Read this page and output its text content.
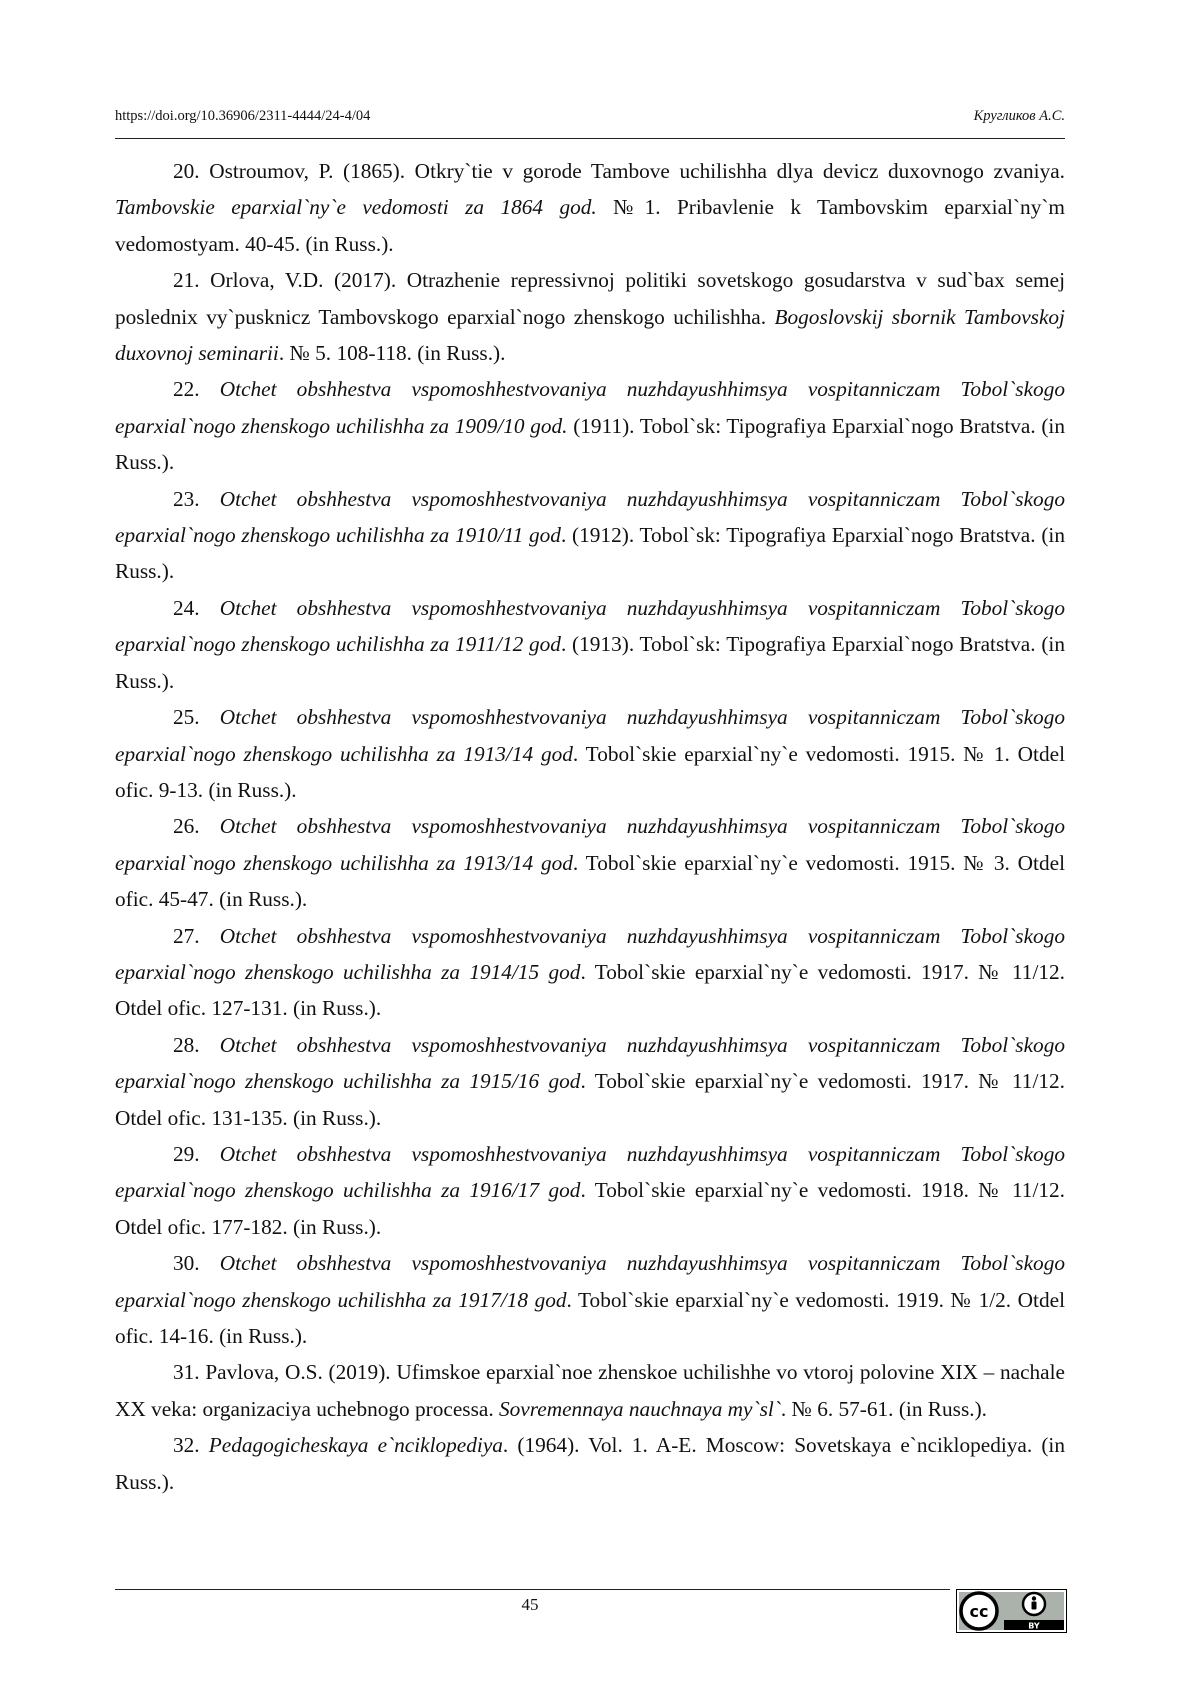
https://doi.org/10.36906/2311-4444/24-4/04	Кругликов А.С.

20. Ostroumov, P. (1865). Otkry`tie v gorode Tambove uchilishha dlya devicz duxovnogo zvaniya. Tambovskie eparxial`ny`e vedomosti za 1864 god. №1. Pribavlenie k Tambovskim eparxial`ny`m vedomostyam. 40-45. (in Russ.).

21. Orlova, V.D. (2017). Otrazhenie repressivnoj politiki sovetskogo gosudarstva v sud`bax semej poslednix vy`pusknicz Tambovskogo eparxial`nogo zhenskogo uchilishha. Bogoslovskij sbornik Tambovskoj duxovnoj seminarii. № 5. 108-118. (in Russ.).

22. Otchet obshhestva vspomoshhestvovaniya nuzhdayushhimsya vospitanniczam Tobol`skogo eparxial`nogo zhenskogo uchilishha za 1909/10 god. (1911). Tobol`sk: Tipografiya Eparxial`nogo Bratstva. (in Russ.).

23. Otchet obshhestva vspomoshhestvovaniya nuzhdayushhimsya vospitanniczam Tobol`skogo eparxial`nogo zhenskogo uchilishha za 1910/11 god. (1912). Tobol`sk: Tipografiya Eparxial`nogo Bratstva. (in Russ.).

24. Otchet obshhestva vspomoshhestvovaniya nuzhdayushhimsya vospitanniczam Tobol`skogo eparxial`nogo zhenskogo uchilishha za 1911/12 god. (1913). Tobol`sk: Tipografiya Eparxial`nogo Bratstva. (in Russ.).

25. Otchet obshhestva vspomoshhestvovaniya nuzhdayushhimsya vospitanniczam Tobol`skogo eparxial`nogo zhenskogo uchilishha za 1913/14 god. Tobol`skie eparxial`ny`e vedomosti. 1915. № 1. Otdel ofic. 9-13. (in Russ.).

26. Otchet obshhestva vspomoshhestvovaniya nuzhdayushhimsya vospitanniczam Tobol`skogo eparxial`nogo zhenskogo uchilishha za 1913/14 god. Tobol`skie eparxial`ny`e vedomosti. 1915. № 3. Otdel ofic. 45-47. (in Russ.).

27. Otchet obshhestva vspomoshhestvovaniya nuzhdayushhimsya vospitanniczam Tobol`skogo eparxial`nogo zhenskogo uchilishha za 1914/15 god. Tobol`skie eparxial`ny`e vedomosti. 1917. № 11/12. Otdel ofic. 127-131. (in Russ.).

28. Otchet obshhestva vspomoshhestvovaniya nuzhdayushhimsya vospitanniczam Tobol`skogo eparxial`nogo zhenskogo uchilishha za 1915/16 god. Tobol`skie eparxial`ny`e vedomosti. 1917. № 11/12. Otdel ofic. 131-135. (in Russ.).

29. Otchet obshhestva vspomoshhestvovaniya nuzhdayushhimsya vospitanniczam Tobol`skogo eparxial`nogo zhenskogo uchilishha za 1916/17 god. Tobol`skie eparxial`ny`e vedomosti. 1918. № 11/12. Otdel ofic. 177-182. (in Russ.).

30. Otchet obshhestva vspomoshhestvovaniya nuzhdayushhimsya vospitanniczam Tobol`skogo eparxial`nogo zhenskogo uchilishha za 1917/18 god. Tobol`skie eparxial`ny`e vedomosti. 1919. № 1/2. Otdel ofic. 14-16. (in Russ.).

31. Pavlova, O.S. (2019). Ufimskoe eparxial`noe zhenskoe uchilishhe vo vtoroj polovine XIX – nachale XX veka: organizaciya uchebnogo processa. Sovremennaya nauchnaya my`sl`. № 6. 57-61. (in Russ.).

32. Pedagogicheskaya e`nciklopediya. (1964). Vol. 1. A-E. Moscow: Sovetskaya e`nciklopediya. (in Russ.).

45	cc
BY
